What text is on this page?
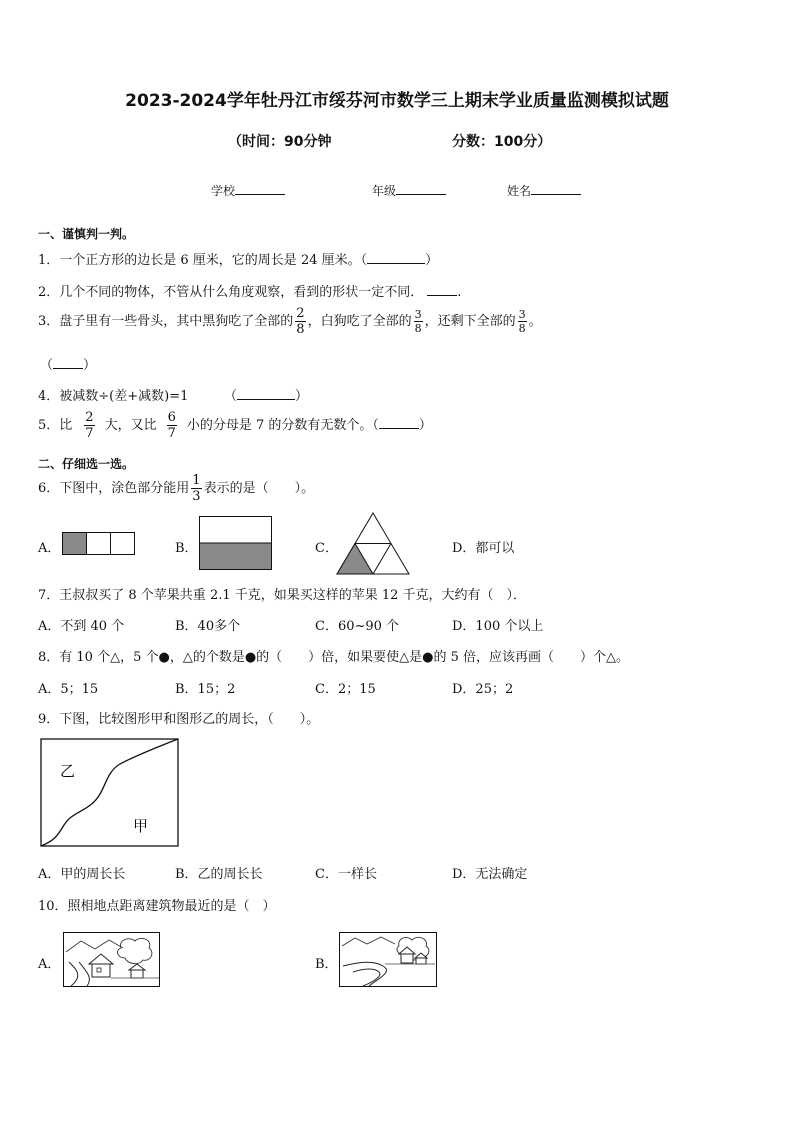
2023-2024学年牡丹江市绥芬河市数学三上期末学业质量监测模拟试题
（时间：90分钟	分数：100分）
学校	年级	姓名
一、谨慎判一判。
1．一个正方形的边长是 6 厘米，它的周长是 24 厘米。（	）
2．几个不同的物体，不管从什么角度观察，看到的形状一定不同．	.
3．盘子里有一些骨头，其中黑狗吃了全部的 $\frac{2}{8}$ ，白狗吃了全部的 $\frac{3}{8}$ ，还剩下全部的 $\frac{3}{8}$ 。
（ ）
4．被减数÷(差+减数)=1	（	）
5．比 $\frac{2}{7}$ 大，又比 $\frac{6}{7}$ 小的分母是 7 的分数有无数个。（	）
二、仔细选一选。
6．下图中，涂色部分能用 $\frac{1}{3}$ 表示的是（　　）。
A．	B．	C．	D．都可以
7．王叔叔买了 8 个苹果共重 2.1 千克，如果买这样的苹果 12 千克，大约有（　）．
A．不到 40 个	B．40多个	C．60~90 个	D．100 个以上
8．有 10 个△，5 个●，△的个数是●的（　　）倍，如果要使△是●的 5 倍，应该再画（　　）个△。
A．5；15	B．15；2	C．2；15	D．25；2
9．下图，比较图形甲和图形乙的周长，（　　）。
乙
甲
A．甲的周长长	B．乙的周长长	C．一样长	D．无法确定
10．照相地点距离建筑物最近的是（　）
A．	B．
